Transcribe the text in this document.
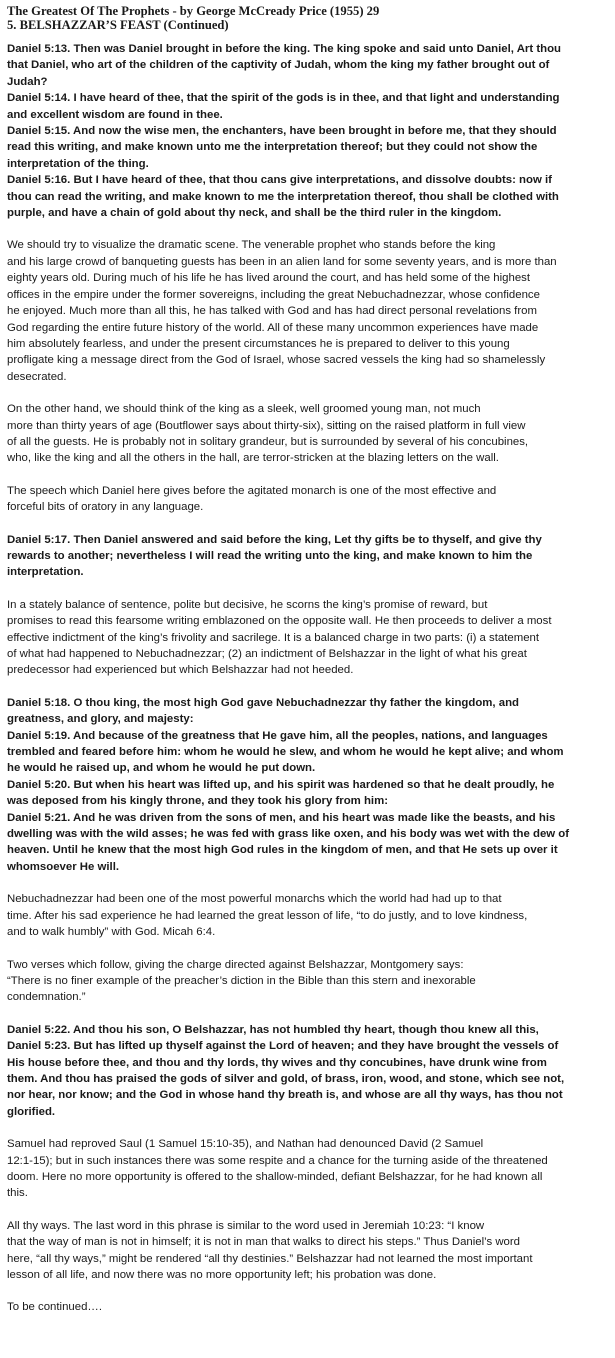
The Greatest Of The Prophets - by George McCready Price (1955) 29
5. BELSHAZZAR’S FEAST (Continued)
Daniel 5:13. Then was Daniel brought in before the king. The king spoke and said unto Daniel, Art thou
that Daniel, who art of the children of the captivity of Judah, whom the king my father brought out of
Judah?
Daniel 5:14. I have heard of thee, that the spirit of the gods is in thee, and that light and understanding
and excellent wisdom are found in thee.
Daniel 5:15. And now the wise men, the enchanters, have been brought in before me, that they should
read this writing, and make known unto me the interpretation thereof; but they could not show the
interpretation of the thing.
Daniel 5:16. But I have heard of thee, that thou cans give interpretations, and dissolve doubts: now if
thou can read the writing, and make known to me the interpretation thereof, thou shall be clothed with
purple, and have a chain of gold about thy neck, and shall be the third ruler in the kingdom.
We should try to visualize the dramatic scene. The venerable prophet who stands before the king
and his large crowd of banqueting guests has been in an alien land for some seventy years, and is more than
eighty years old. During much of his life he has lived around the court, and has held some of the highest
offices in the empire under the former sovereigns, including the great Nebuchadnezzar, whose confidence
he enjoyed. Much more than all this, he has talked with God and has had direct personal revelations from
God regarding the entire future history of the world. All of these many uncommon experiences have made
him absolutely fearless, and under the present circumstances he is prepared to deliver to this young
profligate king a message direct from the God of Israel, whose sacred vessels the king had so shamelessly
desecrated.
On the other hand, we should think of the king as a sleek, well groomed young man, not much
more than thirty years of age (Boutflower says about thirty-six), sitting on the raised platform in full view
of all the guests. He is probably not in solitary grandeur, but is surrounded by several of his concubines,
who, like the king and all the others in the hall, are terror-stricken at the blazing letters on the wall.
The speech which Daniel here gives before the agitated monarch is one of the most effective and
forceful bits of oratory in any language.
Daniel 5:17. Then Daniel answered and said before the king, Let thy gifts be to thyself, and give thy
rewards to another; nevertheless I will read the writing unto the king, and make known to him the
interpretation.
In a stately balance of sentence, polite but decisive, he scorns the king’s promise of reward, but
promises to read this fearsome writing emblazoned on the opposite wall. He then proceeds to deliver a most
effective indictment of the king’s frivolity and sacrilege. It is a balanced charge in two parts: (i) a statement
of what had happened to Nebuchadnezzar; (2) an indictment of Belshazzar in the light of what his great
predecessor had experienced but which Belshazzar had not heeded.
Daniel 5:18. O thou king, the most high God gave Nebuchadnezzar thy father the kingdom, and
greatness, and glory, and majesty:
Daniel 5:19. And because of the greatness that He gave him, all the peoples, nations, and languages
trembled and feared before him: whom he would he slew, and whom he would he kept alive; and whom
he would he raised up, and whom he would he put down.
Daniel 5:20. But when his heart was lifted up, and his spirit was hardened so that he dealt proudly, he
was deposed from his kingly throne, and they took his glory from him:
Daniel 5:21. And he was driven from the sons of men, and his heart was made like the beasts, and his
dwelling was with the wild asses; he was fed with grass like oxen, and his body was wet with the dew of
heaven. Until he knew that the most high God rules in the kingdom of men, and that He sets up over it
whomsoever He will.
Nebuchadnezzar had been one of the most powerful monarchs which the world had had up to that
time. After his sad experience he had learned the great lesson of life, “to do justly, and to love kindness,
and to walk humbly” with God. Micah 6:4.
Two verses which follow, giving the charge directed against Belshazzar, Montgomery says:
“There is no finer example of the preacher’s diction in the Bible than this stern and inexorable
condemnation.”
Daniel 5:22. And thou his son, O Belshazzar, has not humbled thy heart, though thou knew all this,
Daniel 5:23. But has lifted up thyself against the Lord of heaven; and they have brought the vessels of
His house before thee, and thou and thy lords, thy wives and thy concubines, have drunk wine from
them. And thou has praised the gods of silver and gold, of brass, iron, wood, and stone, which see not,
nor hear, nor know; and the God in whose hand thy breath is, and whose are all thy ways, has thou not
glorified.
Samuel had reproved Saul (1 Samuel 15:10-35), and Nathan had denounced David (2 Samuel
12:1-15); but in such instances there was some respite and a chance for the turning aside of the threatened
doom. Here no more opportunity is offered to the shallow-minded, defiant Belshazzar, for he had known all
this.
All thy ways. The last word in this phrase is similar to the word used in Jeremiah 10:23: “I know
that the way of man is not in himself; it is not in man that walks to direct his steps.” Thus Daniel’s word
here, “all thy ways,” might be rendered “all thy destinies.” Belshazzar had not learned the most important
lesson of all life, and now there was no more opportunity left; his probation was done.
To be continued….
